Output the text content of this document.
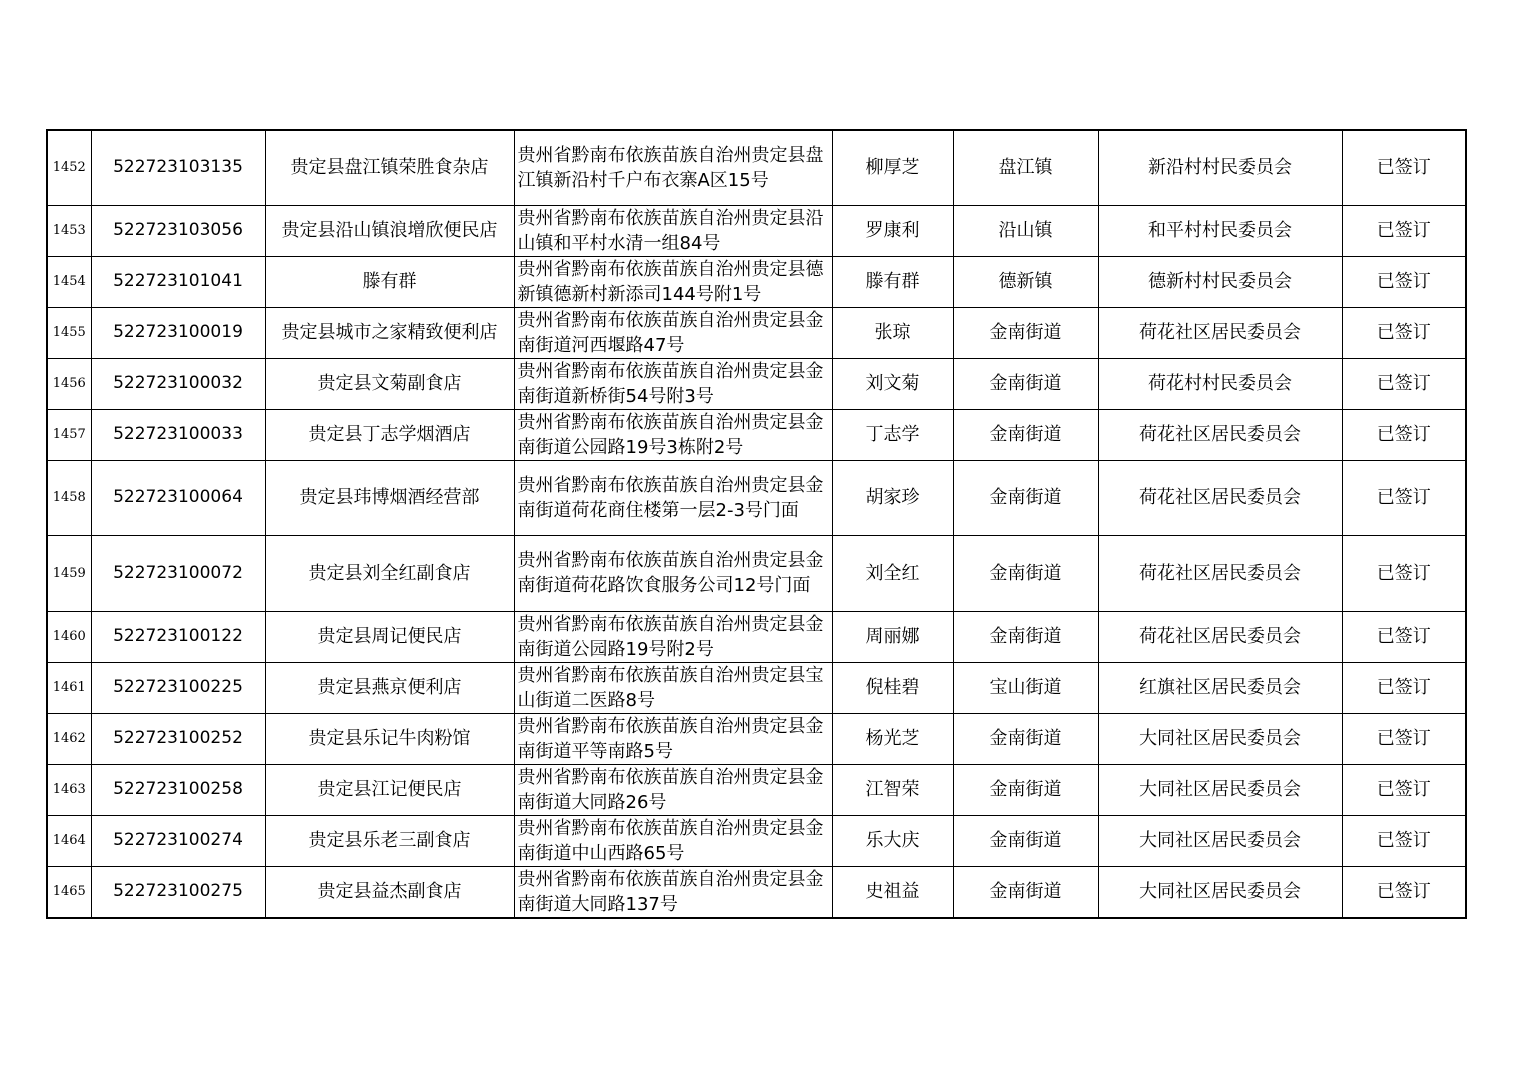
1452	522723103135	贵定县盘江镇荣胜食杂店	贵州省黔南布依族苗族自治州贵定县盘江镇新沿村千户布衣寨A区15号	柳厚芝	盘江镇	新沿村村民委员会	已签订
1453	522723103056	贵定县沿山镇浪增欣便民店	贵州省黔南布依族苗族自治州贵定县沿山镇和平村水清一组84号	罗康利	沿山镇	和平村村民委员会	已签订
1454	522723101041	滕有群	贵州省黔南布依族苗族自治州贵定县德新镇德新村新添司144号附1号	滕有群	德新镇	德新村村民委员会	已签订
1455	522723100019	贵定县城市之家精致便利店	贵州省黔南布依族苗族自治州贵定县金南街道河西堰路47号	张琼	金南街道	荷花社区居民委员会	已签订
1456	522723100032	贵定县文菊副食店	贵州省黔南布依族苗族自治州贵定县金南街道新桥街54号附3号	刘文菊	金南街道	荷花村村民委员会	已签订
1457	522723100033	贵定县丁志学烟酒店	贵州省黔南布依族苗族自治州贵定县金南街道公园路19号3栋附2号	丁志学	金南街道	荷花社区居民委员会	已签订
1458	522723100064	贵定县玮博烟酒经营部	贵州省黔南布依族苗族自治州贵定县金南街道荷花商住楼第一层2-3号门面	胡家珍	金南街道	荷花社区居民委员会	已签订
1459	522723100072	贵定县刘全红副食店	贵州省黔南布依族苗族自治州贵定县金南街道荷花路饮食服务公司12号门面	刘全红	金南街道	荷花社区居民委员会	已签订
1460	522723100122	贵定县周记便民店	贵州省黔南布依族苗族自治州贵定县金南街道公园路19号附2号	周丽娜	金南街道	荷花社区居民委员会	已签订
1461	522723100225	贵定县燕京便利店	贵州省黔南布依族苗族自治州贵定县宝山街道二医路8号	倪桂碧	宝山街道	红旗社区居民委员会	已签订
1462	522723100252	贵定县乐记牛肉粉馆	贵州省黔南布依族苗族自治州贵定县金南街道平等南路5号	杨光芝	金南街道	大同社区居民委员会	已签订
1463	522723100258	贵定县江记便民店	贵州省黔南布依族苗族自治州贵定县金南街道大同路26号	江智荣	金南街道	大同社区居民委员会	已签订
1464	522723100274	贵定县乐老三副食店	贵州省黔南布依族苗族自治州贵定县金南街道中山西路65号	乐大庆	金南街道	大同社区居民委员会	已签订
1465	522723100275	贵定县益杰副食店	贵州省黔南布依族苗族自治州贵定县金南街道大同路137号	史祖益	金南街道	大同社区居民委员会	已签订
